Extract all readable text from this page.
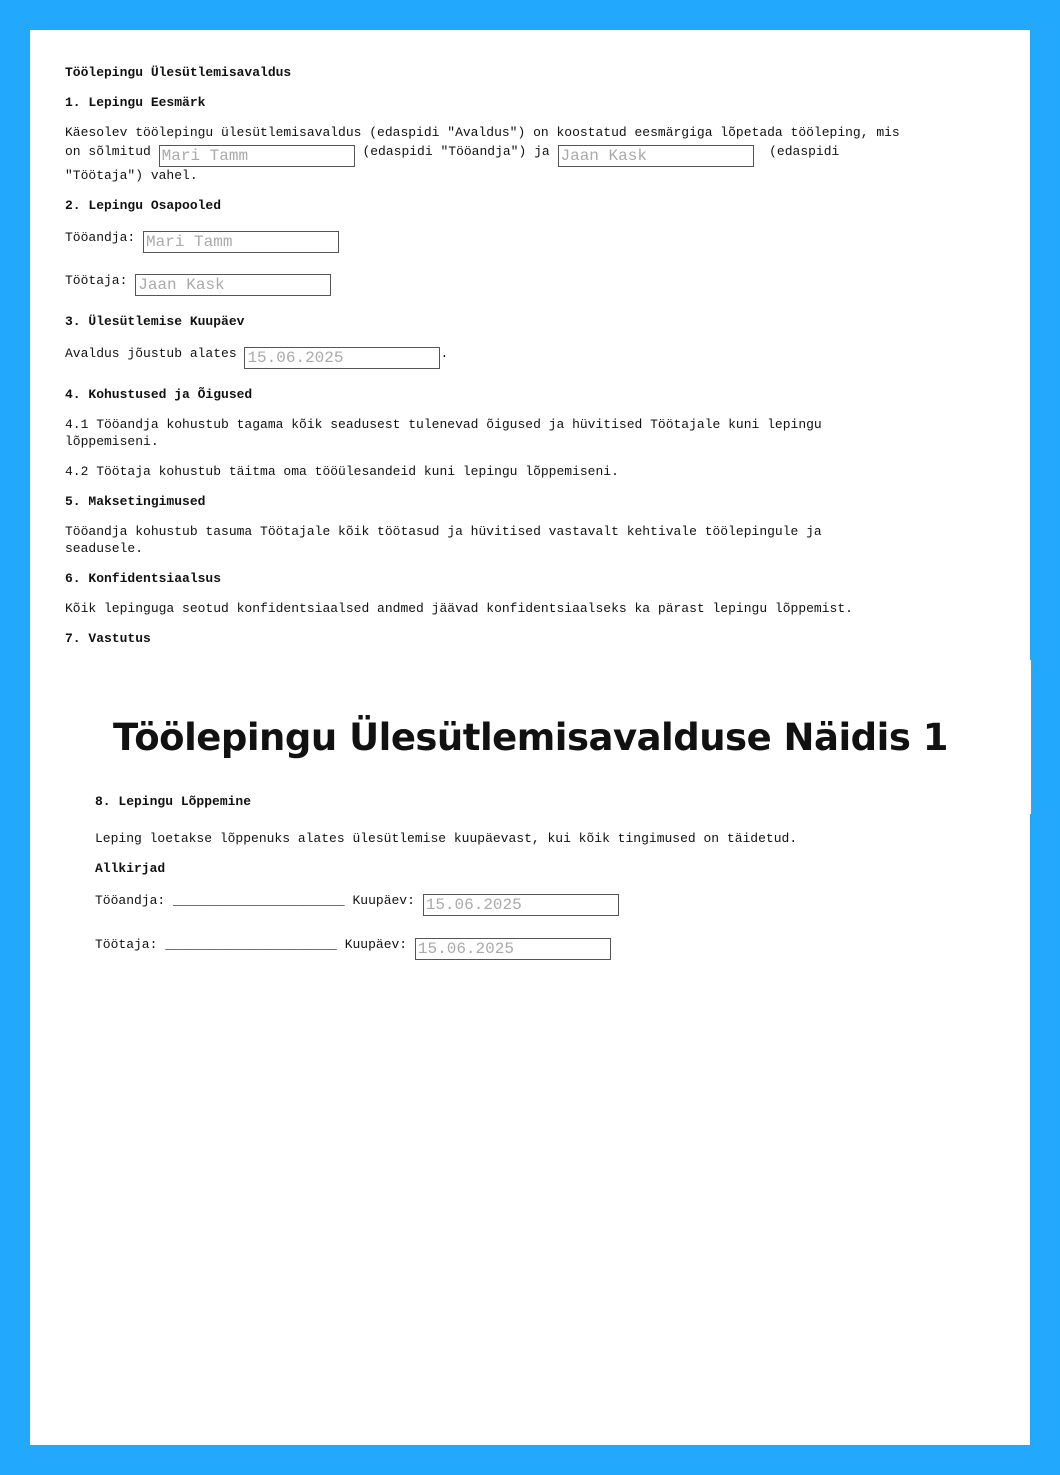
Töölepingu Ülesütlemisavaldus
1. Lepingu Eesmärk

Käesolev töölepingu ülesütlemisavaldus (edaspidi "Avaldus") on koostatud eesmärgiga lõpetada tööleping, mis
on sõlmitud Mari Tamm	(edaspidi "Tööandja") ja Jaan Kask	(edaspidi
"Töötaja") vahel.

2. Lepingu Osapooled
Tööandja: Mari Tamm
Töötaja: Jaan Kask
3. Ülesütlemise Kuupäev
Avaldus jõustub alates 15.06.2025	.
4. Kohustused ja Õigused

4.1 Tööandja kohustub tagama kõik seadusest tulenevad õigused ja hüvitised Töötajale kuni lepingu lõppemiseni.

4.2 Töötaja kohustub täitma oma tööülesandeid kuni lepingu lõppemiseni.

5. Maksetingimused

Tööandja kohustub tasuma Töötajale kõik töötasud ja hüvitised vastavalt kehtivale töölepingule ja seadusele.

6. Konfidentsiaalsus

Kõik lepinguga seotud konfidentsiaalsed andmed jäävad konfidentsiaalseks ka pärast lepingu lõppemist.

7. Vastutus
Töölepingu Ülesütlemisavalduse Näidis 1
8. Lepingu Lõppemine

Leping loetakse lõppenuks alates ülesütlemise kuupäevast, kui kõik tingimused on täidetud.

Allkirjad
Tööandja: ______________________ Kuupäev: 15.06.2025
Töötaja: ______________________ Kuupäev: 15.06.2025
